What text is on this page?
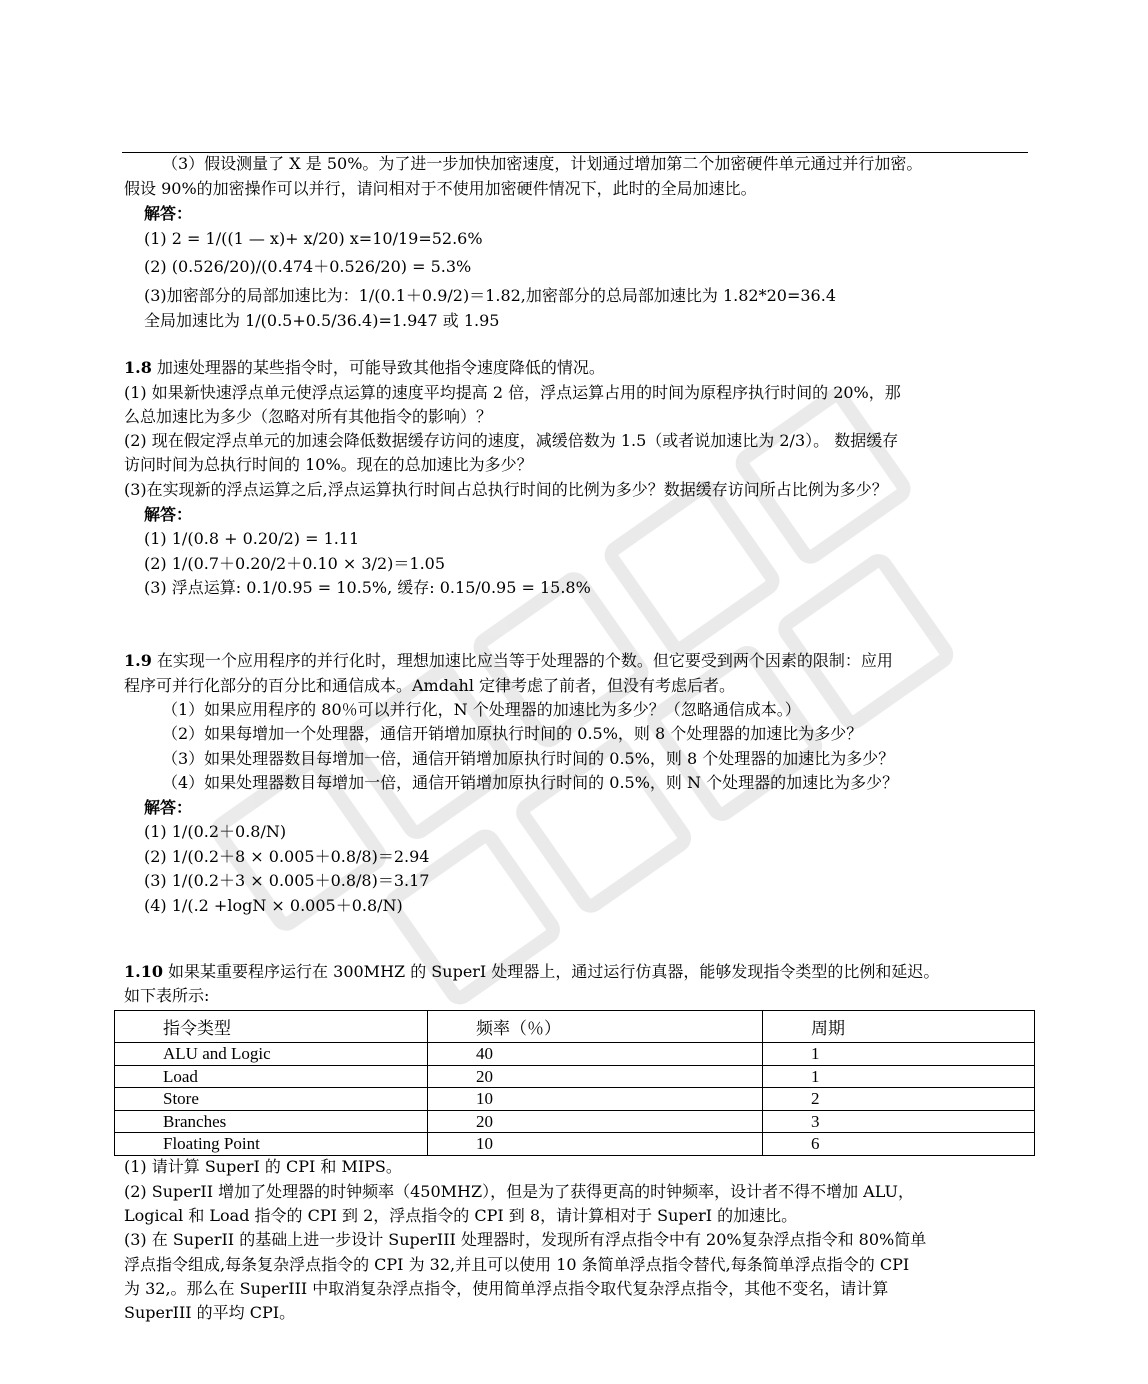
（3）假设测量了 X 是 50%。为了进一步加快加密速度，计划通过增加第二个加密硬件单元通过并行加密。
假设 90%的加密操作可以并行，请问相对于不使用加密硬件情况下，此时的全局加速比。
解答：
(1) 2 = 1/((1 — x)+ x/20) x=10/19=52.6%
(2) (0.526/20)/(0.474＋0.526/20) = 5.3%
(3)加密部分的局部加速比为：1/(0.1＋0.9/2)＝1.82,加密部分的总局部加速比为 1.82*20=36.4
全局加速比为 1/(0.5+0.5/36.4)=1.947 或 1.95
1.8 加速处理器的某些指令时，可能导致其他指令速度降低的情况。
(1) 如果新快速浮点单元使浮点运算的速度平均提高 2 倍，浮点运算占用的时间为原程序执行时间的 20%，那
么总加速比为多少（忽略对所有其他指令的影响）？
(2) 现在假定浮点单元的加速会降低数据缓存访问的速度，减缓倍数为 1.5（或者说加速比为 2/3）。 数据缓存
访问时间为总执行时间的 10%。现在的总加速比为多少？
(3)在实现新的浮点运算之后,浮点运算执行时间占总执行时间的比例为多少？数据缓存访问所占比例为多少？
解答：
(1) 1/(0.8 + 0.20/2) = 1.11
(2) 1/(0.7＋0.20/2＋0.10 × 3/2)＝1.05
(3) 浮点运算: 0.1/0.95 = 10.5%, 缓存: 0.15/0.95 = 15.8%
1.9 在实现一个应用程序的并行化时，理想加速比应当等于处理器的个数。但它要受到两个因素的限制：应用
程序可并行化部分的百分比和通信成本。Amdahl 定律考虑了前者，但没有考虑后者。
（1）如果应用程序的 80％可以并行化，N 个处理器的加速比为多少？（忽略通信成本。）
（2）如果每增加一个处理器，通信开销增加原执行时间的 0.5%，则 8 个处理器的加速比为多少？
（3）如果处理器数目每增加一倍，通信开销增加原执行时间的 0.5%，则 8 个处理器的加速比为多少？
（4）如果处理器数目每增加一倍，通信开销增加原执行时间的 0.5%，则 N 个处理器的加速比为多少？
解答：
(1) 1/(0.2＋0.8/N)
(2) 1/(0.2＋8 × 0.005＋0.8/8)＝2.94
(3) 1/(0.2＋3 × 0.005＋0.8/8)＝3.17
(4) 1/(.2 +logN × 0.005＋0.8/N)
1.10 如果某重要程序运行在 300MHZ 的 SuperI 处理器上，通过运行仿真器，能够发现指令类型的比例和延迟。
如下表所示:
指令类型	频率（％）	周期
ALU and Logic	40	1
Load	20	1
Store	10	2
Branches	20	3
Floating Point	10	6
(1) 请计算 SuperI 的 CPI 和 MIPS。
(2) SuperII 增加了处理器的时钟频率（450MHZ），但是为了获得更高的时钟频率，设计者不得不增加 ALU，
Logical 和 Load 指令的 CPI 到 2，浮点指令的 CPI 到 8，请计算相对于 SuperI 的加速比。
(3) 在 SuperII 的基础上进一步设计 SuperIII 处理器时，发现所有浮点指令中有 20%复杂浮点指令和 80%简单
浮点指令组成,每条复杂浮点指令的 CPI 为 32,并且可以使用 10 条简单浮点指令替代,每条简单浮点指令的 CPI
为 32,。那么在 SuperIII 中取消复杂浮点指令，使用简单浮点指令取代复杂浮点指令，其他不变名，请计算
SuperIII 的平均 CPI。
